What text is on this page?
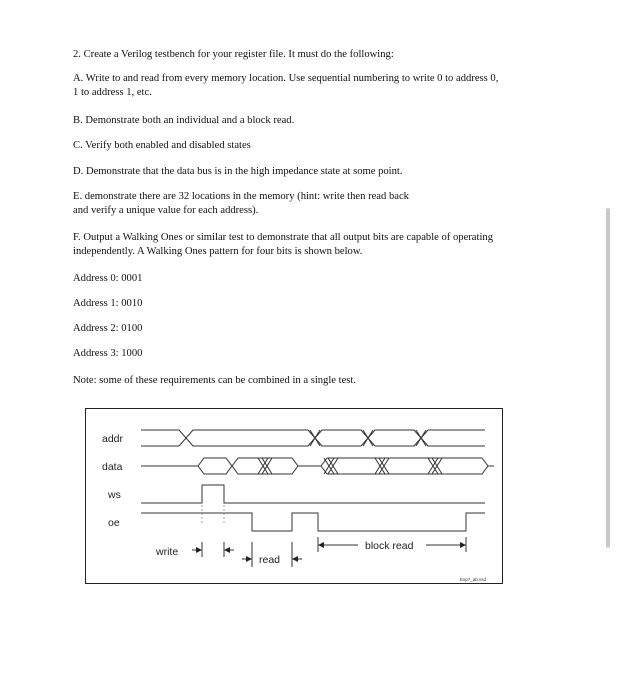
2. Create a Verilog testbench for your register file. It must do the following:
A. Write to and read from every memory location. Use sequential numbering to write 0 to address 0,
1 to address 1, etc.
B. Demonstrate both an individual and a block read.
C. Verify both enabled and disabled states
D. Demonstrate that the data bus is in the high impedance state at some point.
E. demonstrate there are 32 locations in the memory (hint: write then read back
and verify a unique value for each address).
F. Output a Walking Ones or similar test to demonstrate that all output bits are capable of operating
independently. A Walking Ones pattern for four bits is shown below.
Address 0: 0001
Address 1: 0010
Address 2: 0100
Address 3: 1000
Note: some of these requirements can be combined in a single test.
addr
data
ws
oe
write
read
block read
Exp7_ab.vsd
